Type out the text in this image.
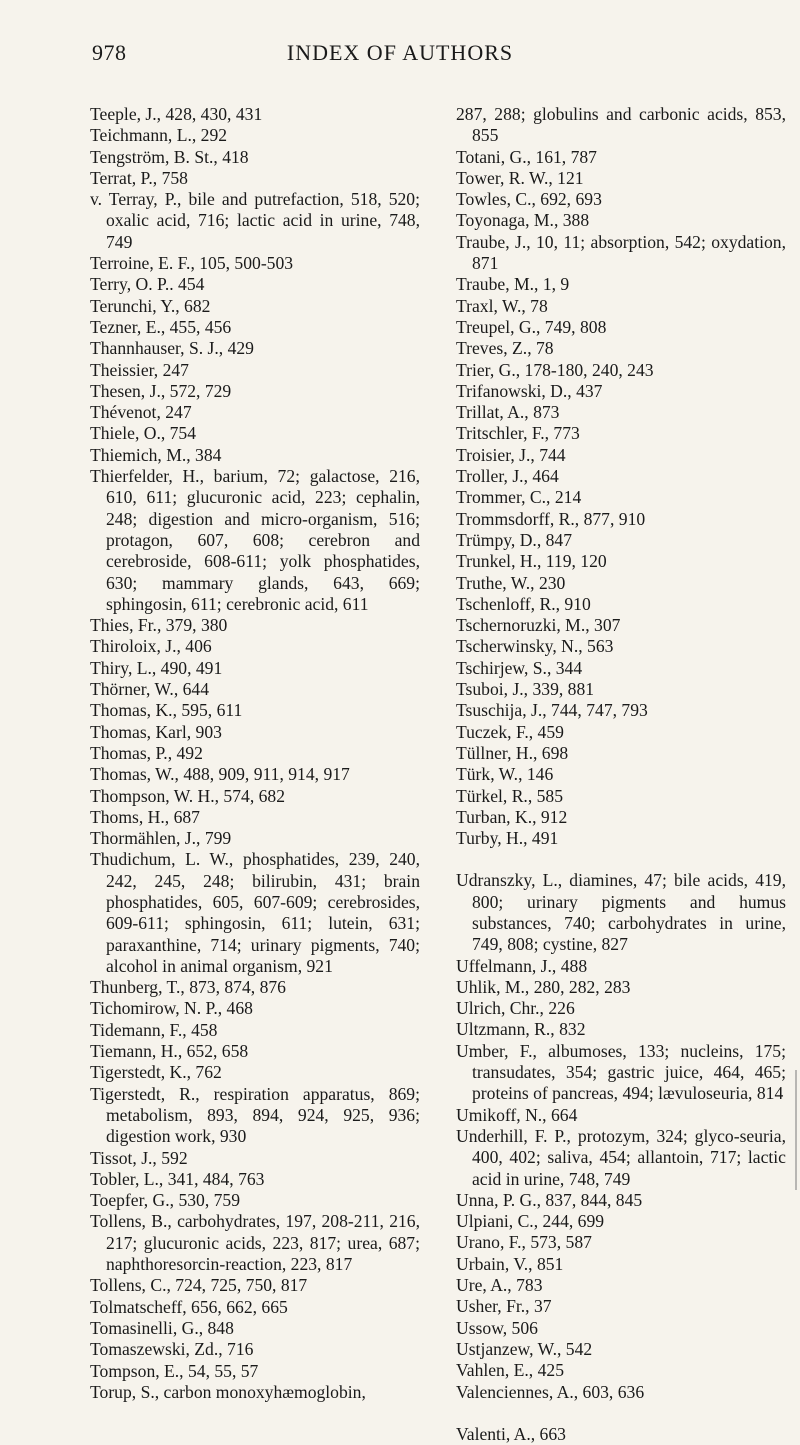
978	INDEX OF AUTHORS

Teeple, J., 428, 430, 431

Teichmann, L., 292

Tengström, B. St., 418

Terrat, P., 758

v. Terray, P., bile and putrefaction, 518, 520; oxalic acid, 716; lactic acid in urine, 748, 749

Terroine, E. F., 105, 500-503

Terry, O. P.. 454

Terunchi, Y., 682

Tezner, E., 455, 456

Thannhauser, S. J., 429

Theissier, 247

Thesen, J., 572, 729

Thévenot, 247

Thiele, O., 754

Thiemich, M., 384

Thierfelder, H., barium, 72; galactose, 216, 610, 611; glucuronic acid, 223; cephalin, 248; digestion and micro-organism, 516; protagon, 607, 608; cerebron and cerebroside, 608-611; yolk phosphatides, 630; mammary glands, 643, 669; sphingosin, 611; cerebronic acid, 611

Thies, Fr., 379, 380

Thiroloix, J., 406

Thiry, L., 490, 491

Thörner, W., 644

Thomas, K., 595, 611

Thomas, Karl, 903

Thomas, P., 492

Thomas, W., 488, 909, 911, 914, 917

Thompson, W. H., 574, 682

Thoms, H., 687

Thormählen, J., 799

Thudichum, L. W., phosphatides, 239, 240, 242, 245, 248; bilirubin, 431; brain phosphatides, 605, 607-609; cerebrosides, 609-611; sphingosin, 611; lutein, 631; paraxanthine, 714; urinary pigments, 740; alcohol in animal organism, 921

Thunberg, T., 873, 874, 876

Tichomirow, N. P., 468

Tidemann, F., 458

Tiemann, H., 652, 658

Tigerstedt, K., 762

Tigerstedt, R., respiration apparatus, 869; metabolism, 893, 894, 924, 925, 936; digestion work, 930

Tissot, J., 592

Tobler, L., 341, 484, 763

Toepfer, G., 530, 759

Tollens, B., carbohydrates, 197, 208-211, 216, 217; glucuronic acids, 223, 817; urea, 687; naphthoresorcin-reaction, 223, 817

Tollens, C., 724, 725, 750, 817

Tolmatscheff, 656, 662, 665

Tomasinelli, G., 848

Tomaszewski, Zd., 716

Tompson, E., 54, 55, 57

Torup, S., carbon monoxyhæmoglobin,

287, 288; globulins and carbonic acids, 853, 855

Totani, G., 161, 787

Tower, R. W., 121

Towles, C., 692, 693

Toyonaga, M., 388

Traube, J., 10, 11; absorption, 542; oxydation, 871

Traube, M., 1, 9

Traxl, W., 78

Treupel, G., 749, 808

Treves, Z., 78

Trier, G., 178-180, 240, 243

Trifanowski, D., 437

Trillat, A., 873

Tritschler, F., 773

Troisier, J., 744

Troller, J., 464

Trommer, C., 214

Trommsdorff, R., 877, 910

Trümpy, D., 847

Trunkel, H., 119, 120

Truthe, W., 230

Tschenloff, R., 910

Tschernoruzki, M., 307

Tscherwinsky, N., 563

Tschirjew, S., 344

Tsuboi, J., 339, 881

Tsuschija, J., 744, 747, 793

Tuczek, F., 459

Tüllner, H., 698

Türk, W., 146

Türkel, R., 585

Turban, K., 912

Turby, H., 491

Udranszky, L., diamines, 47; bile acids, 419, 800; urinary pigments and humus substances, 740; carbohydrates in urine, 749, 808; cystine, 827

Uffelmann, J., 488

Uhlik, M., 280, 282, 283

Ulrich, Chr., 226

Ultzmann, R., 832

Umber, F., albumoses, 133; nucleins, 175; transudates, 354; gastric juice, 464, 465; proteins of pancreas, 494; lævuloseuria, 814

Umikoff, N., 664

Underhill, F. P., protozym, 324; glyco-seuria, 400, 402; saliva, 454; allantoin, 717; lactic acid in urine, 748, 749

Unna, P. G., 837, 844, 845

Ulpiani, C., 244, 699

Urano, F., 573, 587

Urbain, V., 851

Ure, A., 783

Usher, Fr., 37

Ussow, 506

Ustjanzew, W., 542

Vahlen, E., 425

Valenciennes, A., 603, 636

Valenti, A., 663
